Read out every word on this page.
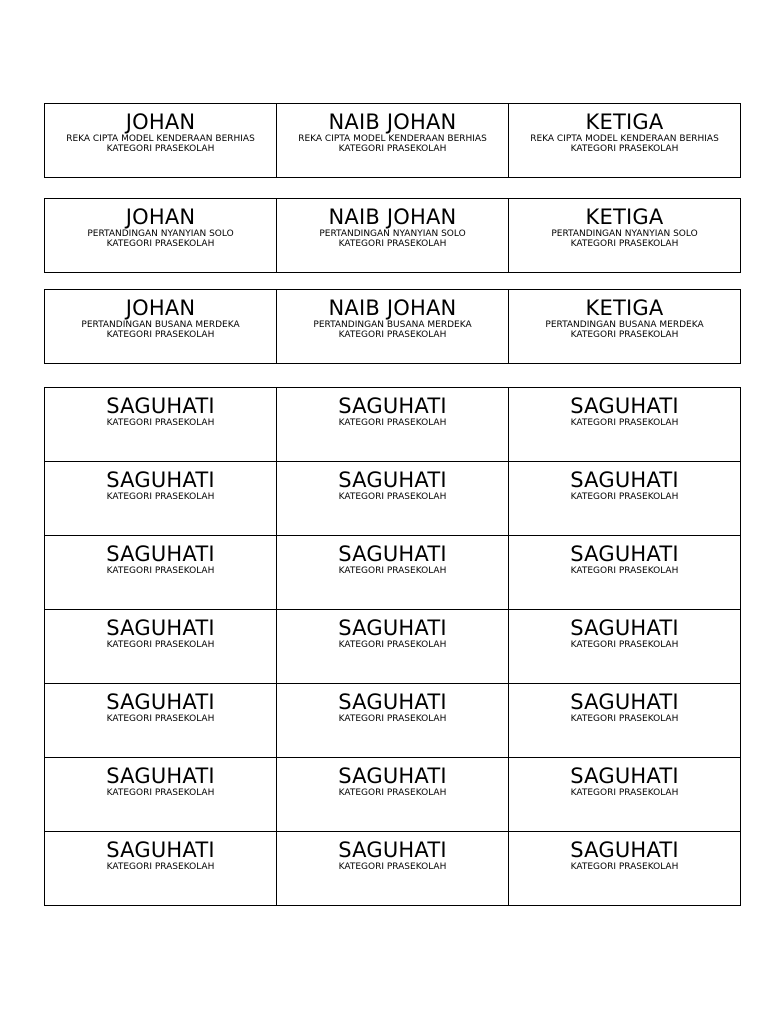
JOHAN
REKA CIPTA MODEL KENDERAAN BERHIAS
KATEGORI PRASEKOLAH
NAIB JOHAN
REKA CIPTA MODEL KENDERAAN BERHIAS
KATEGORI PRASEKOLAH
KETIGA
REKA CIPTA MODEL KENDERAAN BERHIAS
KATEGORI PRASEKOLAH
JOHAN
PERTANDINGAN NYANYIAN SOLO
KATEGORI PRASEKOLAH
NAIB JOHAN
PERTANDINGAN NYANYIAN SOLO
KATEGORI PRASEKOLAH
KETIGA
PERTANDINGAN NYANYIAN SOLO
KATEGORI PRASEKOLAH
JOHAN
PERTANDINGAN BUSANA MERDEKA
KATEGORI PRASEKOLAH
NAIB JOHAN
PERTANDINGAN BUSANA MERDEKA
KATEGORI PRASEKOLAH
KETIGA
PERTANDINGAN BUSANA MERDEKA
KATEGORI PRASEKOLAH
SAGUHATI
KATEGORI PRASEKOLAH
SAGUHATI
KATEGORI PRASEKOLAH
SAGUHATI
KATEGORI PRASEKOLAH
SAGUHATI
KATEGORI PRASEKOLAH
SAGUHATI
KATEGORI PRASEKOLAH
SAGUHATI
KATEGORI PRASEKOLAH
SAGUHATI
KATEGORI PRASEKOLAH
SAGUHATI
KATEGORI PRASEKOLAH
SAGUHATI
KATEGORI PRASEKOLAH
SAGUHATI
KATEGORI PRASEKOLAH
SAGUHATI
KATEGORI PRASEKOLAH
SAGUHATI
KATEGORI PRASEKOLAH
SAGUHATI
KATEGORI PRASEKOLAH
SAGUHATI
KATEGORI PRASEKOLAH
SAGUHATI
KATEGORI PRASEKOLAH
SAGUHATI
KATEGORI PRASEKOLAH
SAGUHATI
KATEGORI PRASEKOLAH
SAGUHATI
KATEGORI PRASEKOLAH
SAGUHATI
KATEGORI PRASEKOLAH
SAGUHATI
KATEGORI PRASEKOLAH
SAGUHATI
KATEGORI PRASEKOLAH
